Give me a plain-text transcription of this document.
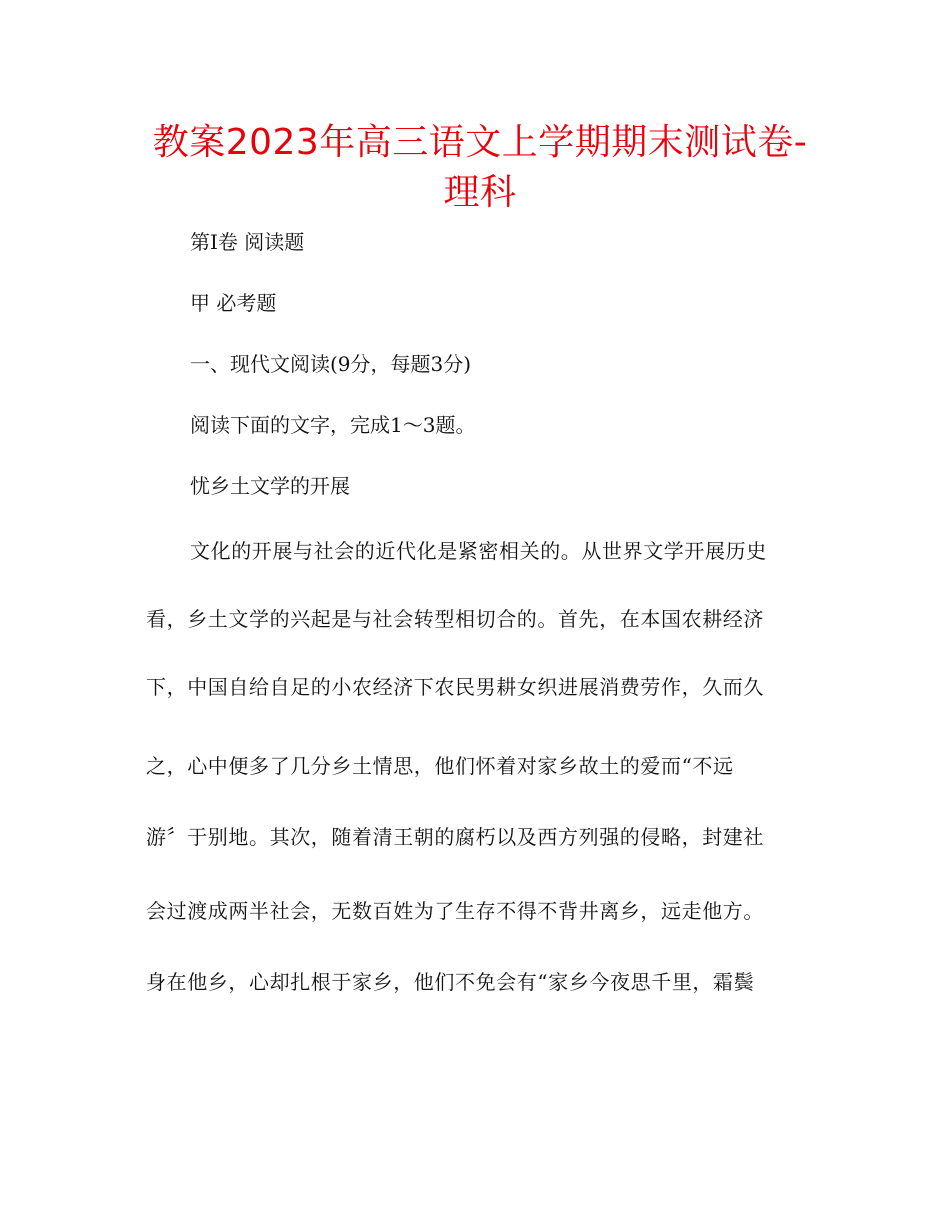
教案2023年高三语文上学期期末测试卷-
理科
第Ⅰ卷 阅读题
甲 必考题
一、现代文阅读(9分，每题3分)
阅读下面的文字，完成1～3题。
忧乡土文学的开展
文化的开展与社会的近代化是紧密相关的。从世界文学开展历史
看，乡土文学的兴起是与社会转型相切合的。首先，在本国农耕经济
下，中国自给自足的小农经济下农民男耕女织进展消费劳作，久而久
之，心中便多了几分乡土情思，他们怀着对家乡故土的爱而“不远
游〞于别地。其次，随着清王朝的腐朽以及西方列强的侵略，封建社
会过渡成两半社会，无数百姓为了生存不得不背井离乡，远走他方。
身在他乡，心却扎根于家乡，他们不免会有“家乡今夜思千里，霜鬓
